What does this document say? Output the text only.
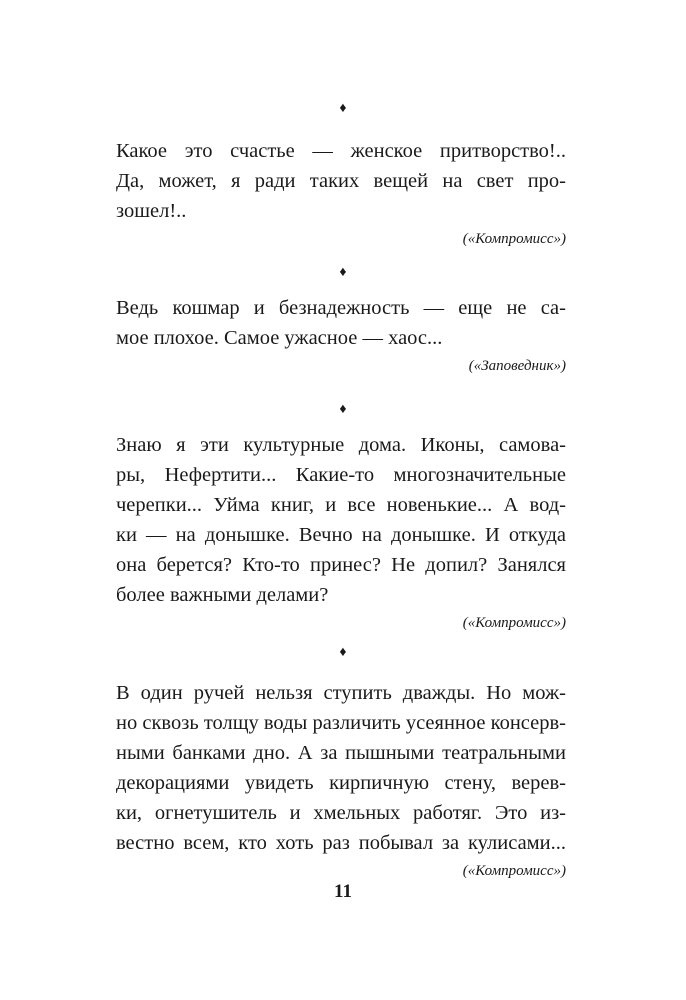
♦
Какое это счастье — женское притворство!..
Да, может, я ради таких вещей на свет про-
зошел!..
(«Компромисс»)
♦
Ведь кошмар и безнадежность — еще не са-
мое плохое. Самое ужасное — хаос...
(«Заповедник»)
♦
Знаю я эти культурные дома. Иконы, самова-
ры, Нефертити... Какие-то многозначительные
черепки... Уйма книг, и все новенькие... А вод-
ки — на донышке. Вечно на донышке. И откуда
она берется? Кто-то принес? Не допил? Занялся
более важными делами?
(«Компромисс»)
♦
В один ручей нельзя ступить дважды. Но мож-
но сквозь толщу воды различить усеянное консерв-
ными банками дно. А за пышными театральными
декорациями увидеть кирпичную стену, верев-
ки, огнетушитель и хмельных работяг. Это из-
вестно всем, кто хоть раз побывал за кулисами...
(«Компромисс»)
11
